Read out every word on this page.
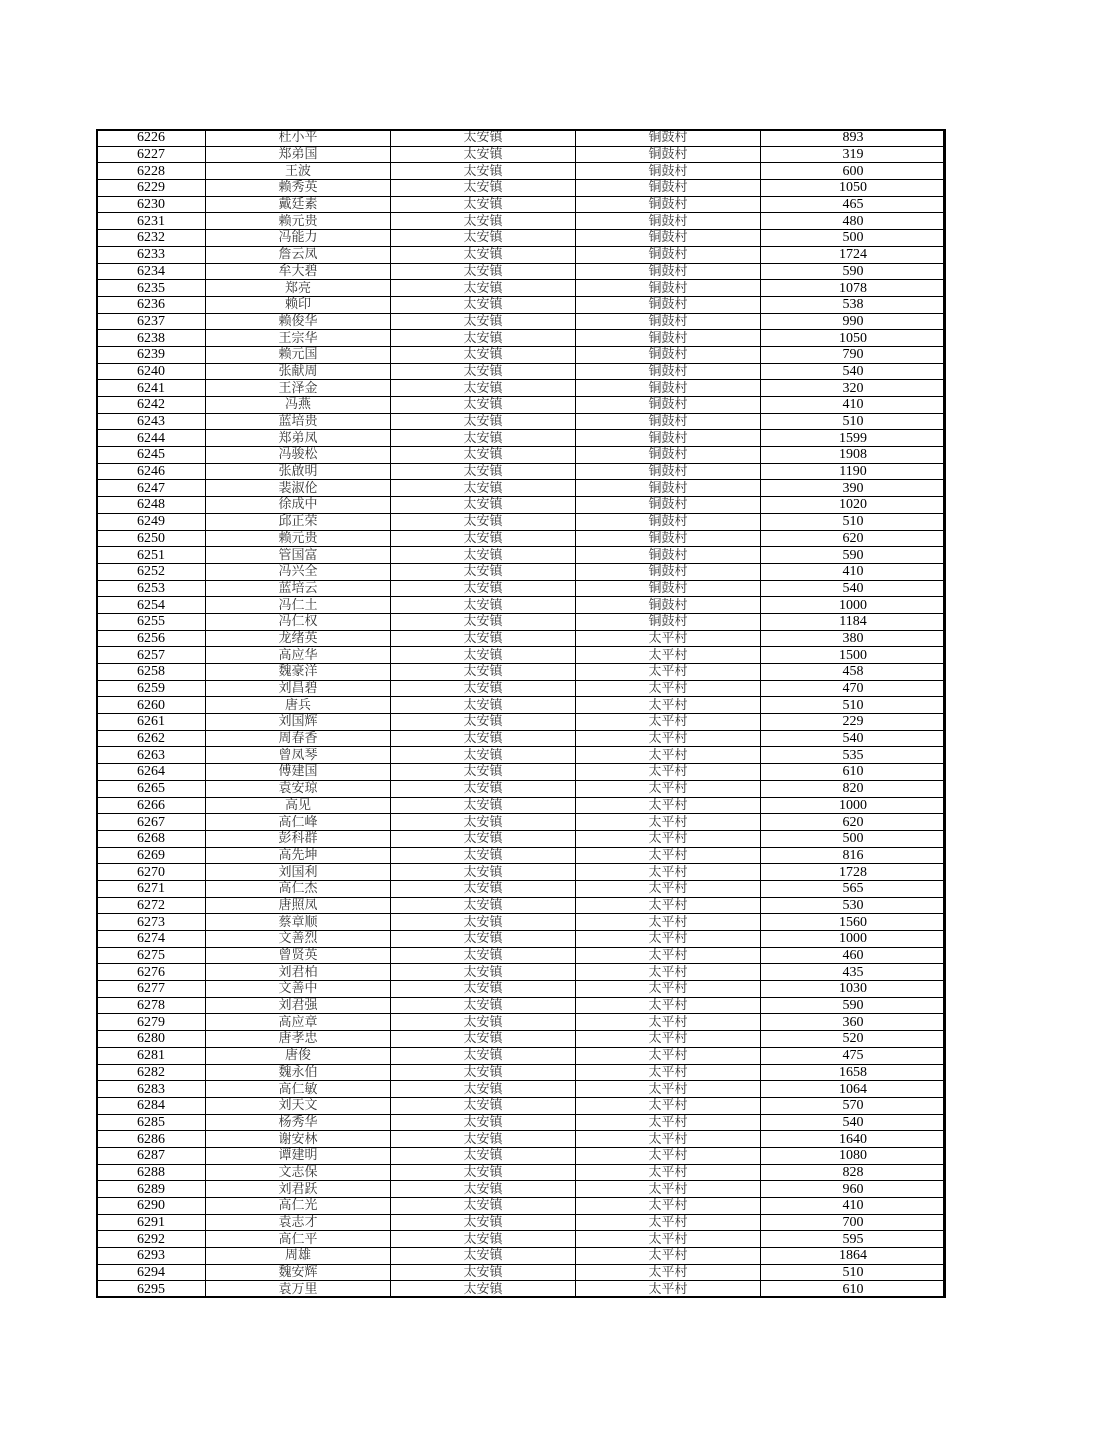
6226	杜小平	太安镇	铜鼓村	893
6227	郑弟国	太安镇	铜鼓村	319
6228	王波	太安镇	铜鼓村	600
6229	赖秀英	太安镇	铜鼓村	1050
6230	戴廷素	太安镇	铜鼓村	465
6231	赖元贵	太安镇	铜鼓村	480
6232	冯能力	太安镇	铜鼓村	500
6233	詹云凤	太安镇	铜鼓村	1724
6234	牟大碧	太安镇	铜鼓村	590
6235	郑亮	太安镇	铜鼓村	1078
6236	赖印	太安镇	铜鼓村	538
6237	赖俊华	太安镇	铜鼓村	990
6238	王宗华	太安镇	铜鼓村	1050
6239	赖元国	太安镇	铜鼓村	790
6240	张献周	太安镇	铜鼓村	540
6241	王泽金	太安镇	铜鼓村	320
6242	冯燕	太安镇	铜鼓村	410
6243	蓝培贵	太安镇	铜鼓村	510
6244	郑弟凤	太安镇	铜鼓村	1599
6245	冯骏松	太安镇	铜鼓村	1908
6246	张啟明	太安镇	铜鼓村	1190
6247	裴淑伦	太安镇	铜鼓村	390
6248	徐成中	太安镇	铜鼓村	1020
6249	邱正荣	太安镇	铜鼓村	510
6250	赖元贵	太安镇	铜鼓村	620
6251	管国富	太安镇	铜鼓村	590
6252	冯兴全	太安镇	铜鼓村	410
6253	蓝培云	太安镇	铜鼓村	540
6254	冯仁土	太安镇	铜鼓村	1000
6255	冯仁权	太安镇	铜鼓村	1184
6256	龙绪英	太安镇	太平村	380
6257	高应华	太安镇	太平村	1500
6258	魏豪洋	太安镇	太平村	458
6259	刘昌碧	太安镇	太平村	470
6260	唐兵	太安镇	太平村	510
6261	刘国辉	太安镇	太平村	229
6262	周春香	太安镇	太平村	540
6263	曾凤琴	太安镇	太平村	535
6264	傅建国	太安镇	太平村	610
6265	袁安琼	太安镇	太平村	820
6266	高见	太安镇	太平村	1000
6267	高仁峰	太安镇	太平村	620
6268	彭科群	太安镇	太平村	500
6269	高先坤	太安镇	太平村	816
6270	刘国利	太安镇	太平村	1728
6271	高仁杰	太安镇	太平村	565
6272	唐照凤	太安镇	太平村	530
6273	蔡章顺	太安镇	太平村	1560
6274	文善烈	太安镇	太平村	1000
6275	曾贤英	太安镇	太平村	460
6276	刘君柏	太安镇	太平村	435
6277	文善中	太安镇	太平村	1030
6278	刘君强	太安镇	太平村	590
6279	高应章	太安镇	太平村	360
6280	唐孝忠	太安镇	太平村	520
6281	唐俊	太安镇	太平村	475
6282	魏永伯	太安镇	太平村	1658
6283	高仁敏	太安镇	太平村	1064
6284	刘天文	太安镇	太平村	570
6285	杨秀华	太安镇	太平村	540
6286	谢安林	太安镇	太平村	1640
6287	谭建明	太安镇	太平村	1080
6288	文志保	太安镇	太平村	828
6289	刘君跃	太安镇	太平村	960
6290	高仁光	太安镇	太平村	410
6291	袁志才	太安镇	太平村	700
6292	高仁平	太安镇	太平村	595
6293	周雄	太安镇	太平村	1864
6294	魏安辉	太安镇	太平村	510
6295	袁万里	太安镇	太平村	610
